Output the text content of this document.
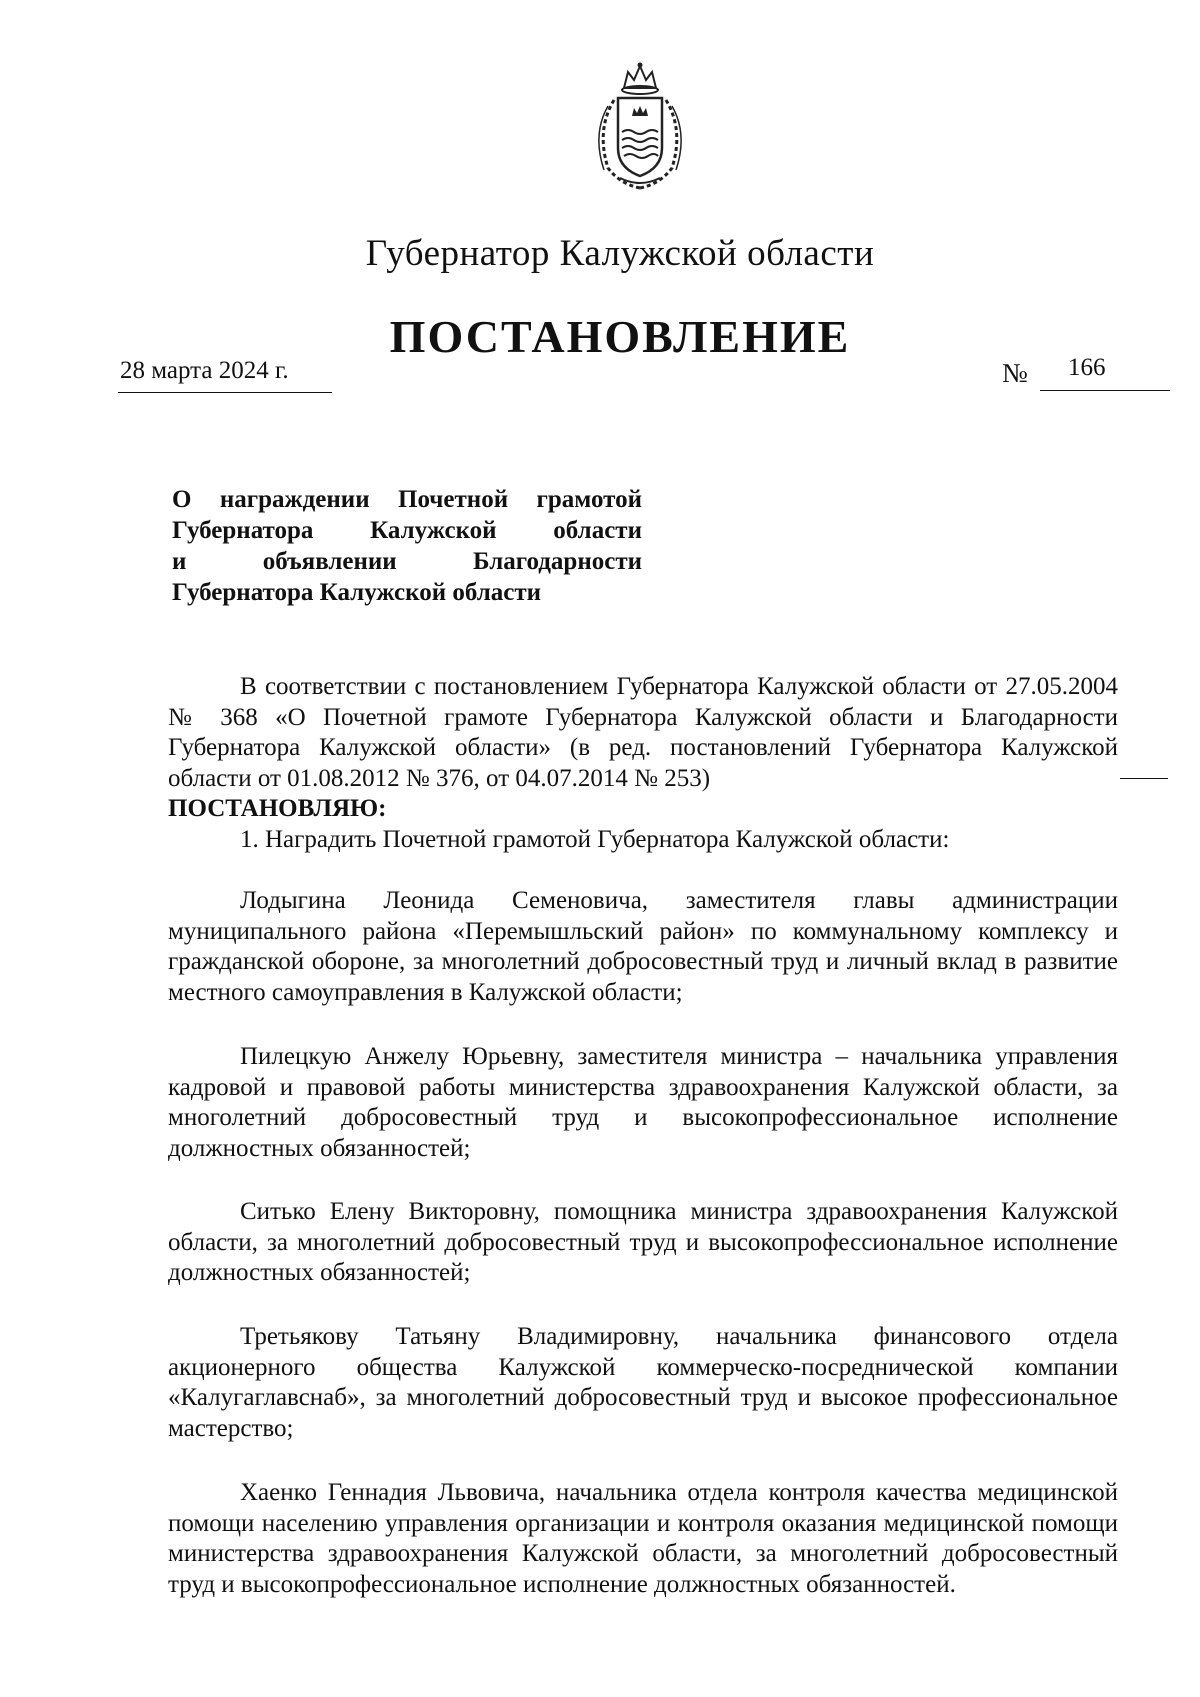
Губернатор Калужской области
ПОСТАНОВЛЕНИЕ
28 марта 2024 г.	№ 166
О награждении Почетной грамотой
Губернатора Калужской области
и объявлении Благодарности
Губернатора Калужской области
В соответствии с постановлением Губернатора Калужской области от 27.05.2004 № 368 «О Почетной грамоте Губернатора Калужской области и Благодарности Губернатора Калужской области» (в ред. постановлений Губернатора Калужской области от 01.08.2012 № 376, от 04.07.2014 № 253)
ПОСТАНОВЛЯЮ:
1. Наградить Почетной грамотой Губернатора Калужской области:
Лодыгина Леонида Семеновича, заместителя главы администрации муниципального района «Перемышльский район» по коммунальному комплексу и гражданской обороне, за многолетний добросовестный труд и личный вклад в развитие местного самоуправления в Калужской области;
Пилецкую Анжелу Юрьевну, заместителя министра – начальника управления кадровой и правовой работы министерства здравоохранения Калужской области, за многолетний добросовестный труд и высокопрофессиональное исполнение должностных обязанностей;
Ситько Елену Викторовну, помощника министра здравоохранения Калужской области, за многолетний добросовестный труд и высокопрофессиональное исполнение должностных обязанностей;
Третьякову Татьяну Владимировну, начальника финансового отдела акционерного общества Калужской коммерческо-посреднической компании «Калугаглавснаб», за многолетний добросовестный труд и высокое профессиональное мастерство;
Хаенко Геннадия Львовича, начальника отдела контроля качества медицинской помощи населению управления организации и контроля оказания медицинской помощи министерства здравоохранения Калужской области, за многолетний добросовестный труд и высокопрофессиональное исполнение должностных обязанностей.
